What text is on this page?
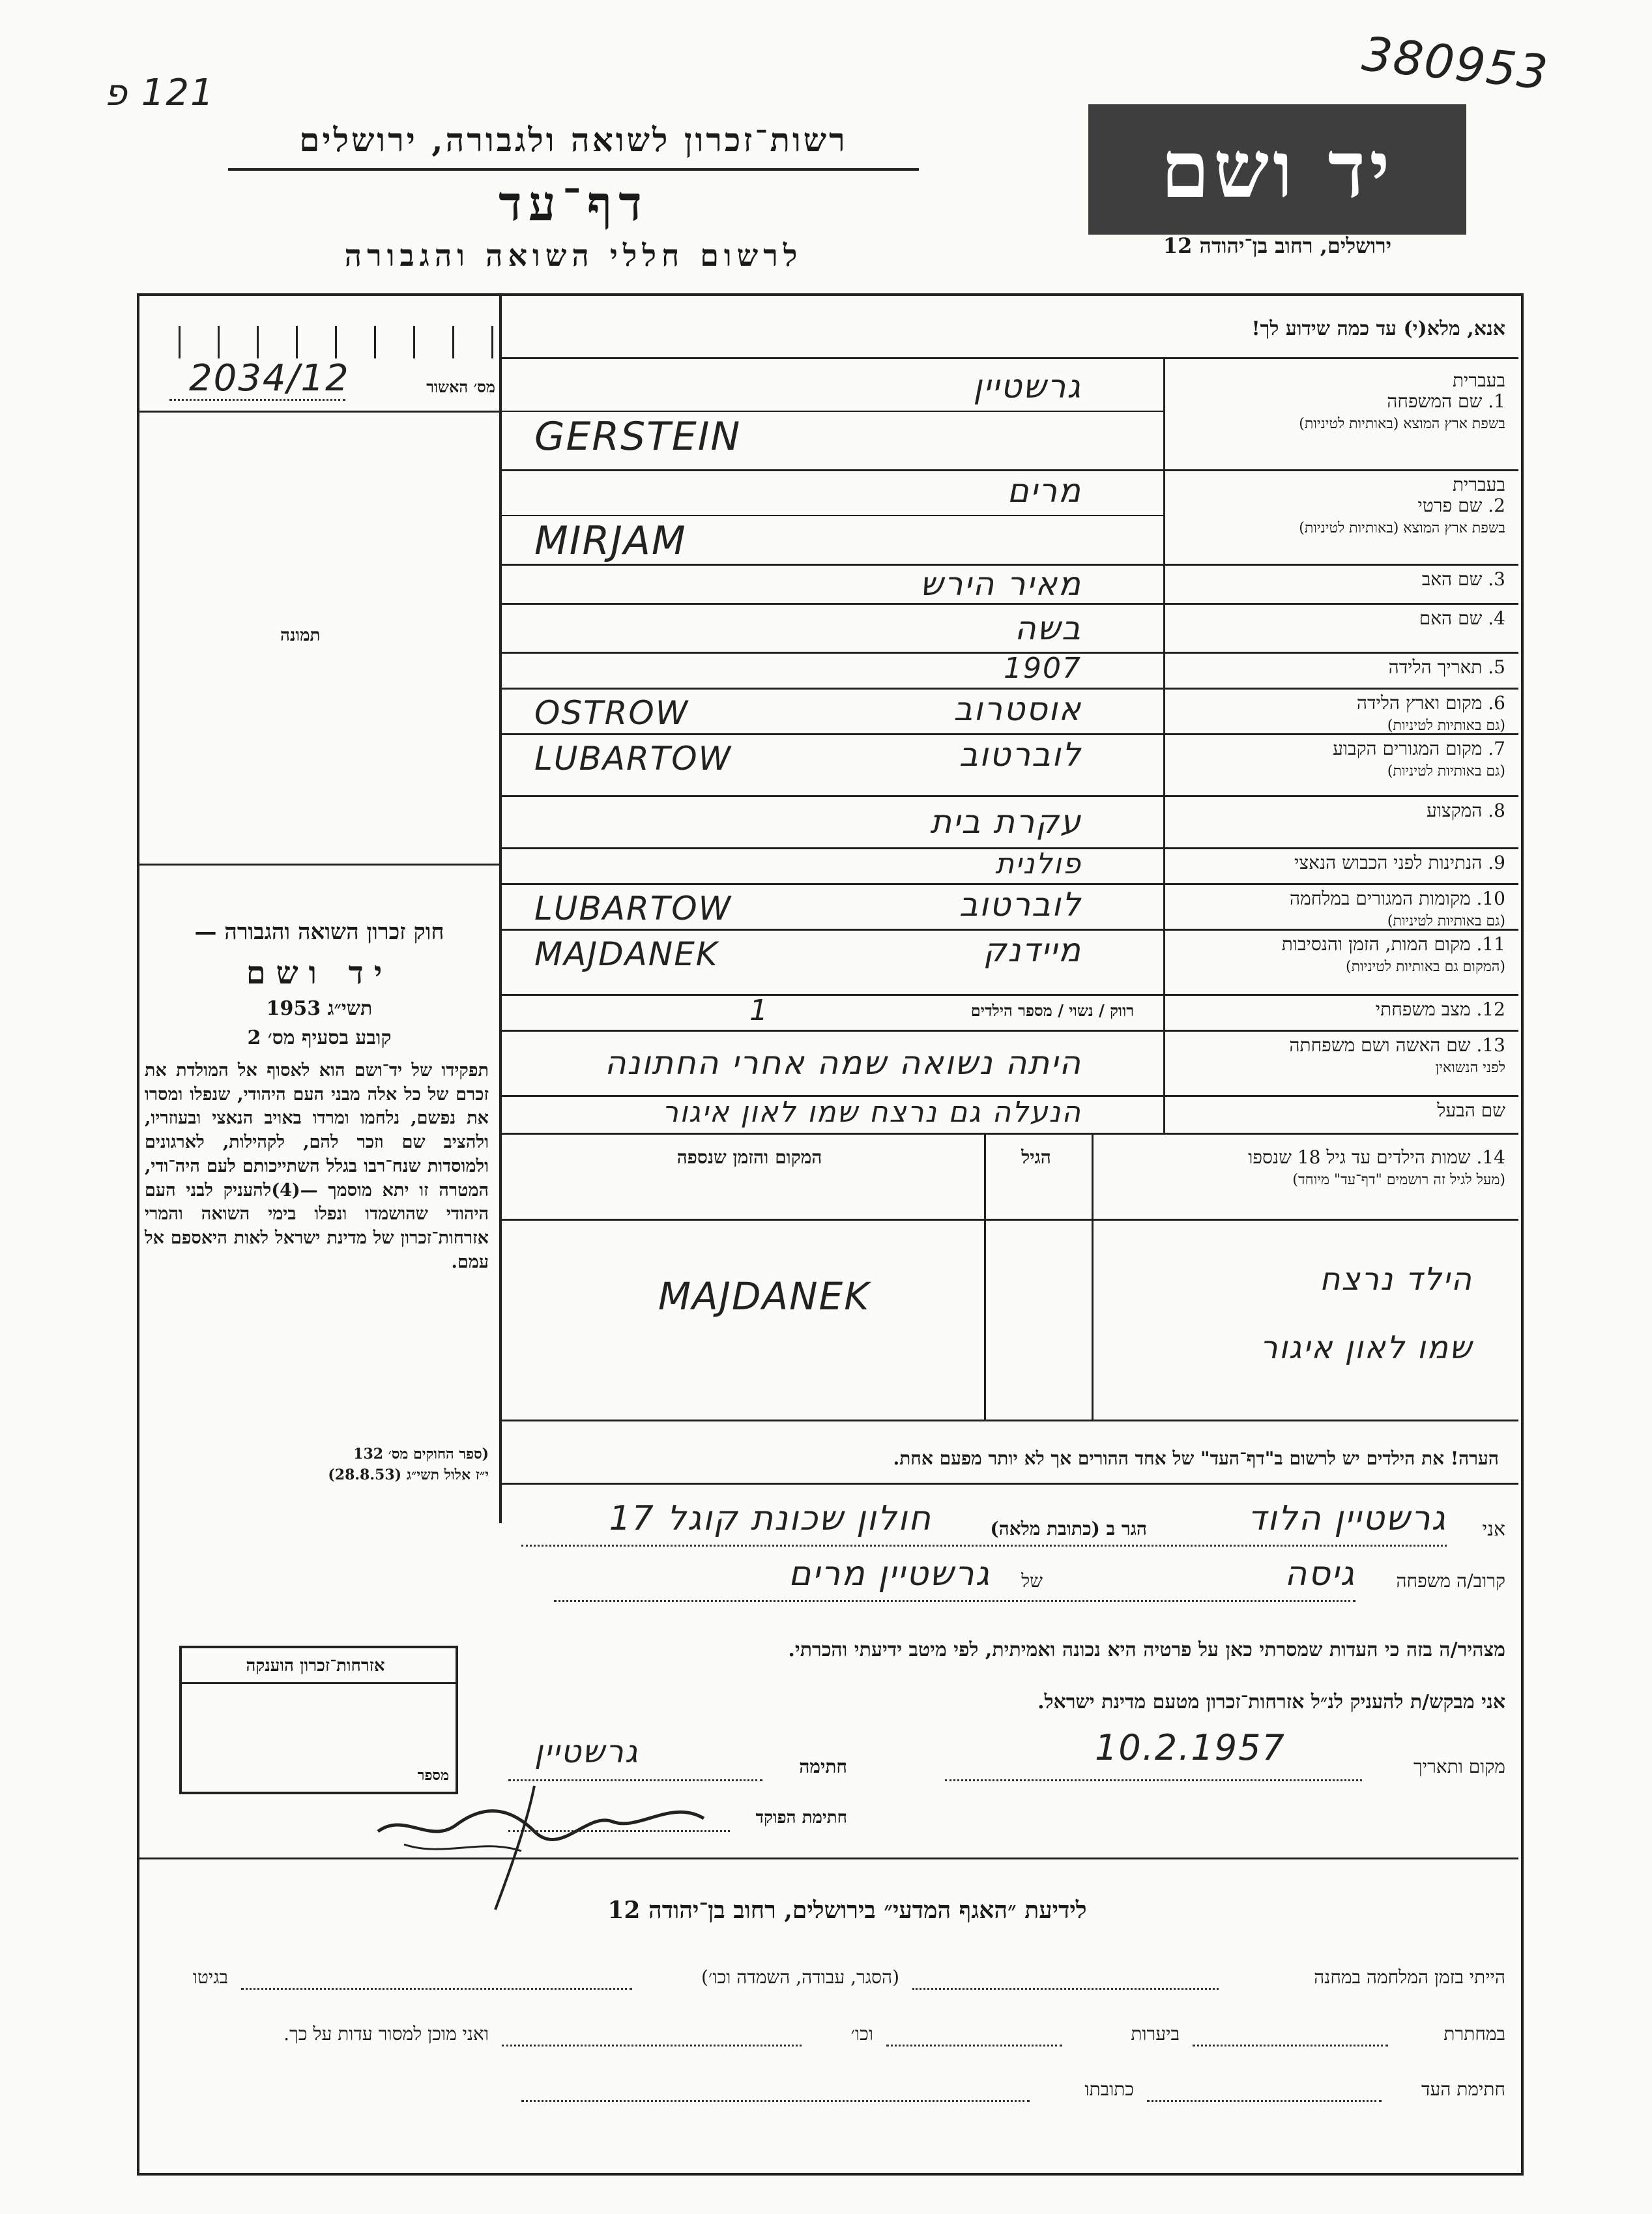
121 פ	380953
רשות־זכרון לשואה ולגבורה, ירושלים
דף־עד
לרשום חללי השואה והגבורה
יד ושם
ירושלים, רחוב בן־יהודה 12
אנא, מלא(י) עד כמה שידוע לך!
מס׳ האשור
2034/12
תמונה
בעברית
1. שם המשפחה
בשפת ארץ המוצא (באותיות לטיניות)
גרשטיין
GERSTEIN
בעברית
2. שם פרטי
בשפת ארץ המוצא (באותיות לטיניות)
מרים
MIRJAM
3. שם האב
מאיר הירש
4. שם האם
בשה
5. תאריך הלידה
1907
6. מקום וארץ הלידה
(גם באותיות לטיניות)
אוסטרוב
OSTROW
7. מקום המגורים הקבוע
(גם באותיות לטיניות)
לוברטוב
LUBARTOW
8. המקצוע
עקרת בית
9. הנתינות לפני הכבוש הנאצי
פולנית
10. מקומות המגורים במלחמה
(גם באותיות לטיניות)
לוברטוב
LUBARTOW
11. מקום המות, הזמן והנסיבות
(המקום גם באותיות לטיניות)
מיידנק
MAJDANEK
12. מצב משפחתי
1	רווק / נשוי / מספר הילדים
13. שם האשה ושם משפחתה
לפני הנשואין
היתה נשואה שמה אחרי החתונה
שם הבעל
הנעלה גם נרצח שמו לאון איגור
14. שמות הילדים עד גיל 18 שנספו
(מעל לגיל זה רושמים "דף־עד" מיוחד)
הגיל
המקום והזמן שנספה
הילד נרצח
שמו לאון איגור
MAJDANEK
הערה! את הילדים יש לרשום ב"דף־העד" של אחד ההורים אך לא יותר מפעם אחת.
חוק זכרון השואה והגבורה —
יד ושם
תשי״ג 1953
קובע בסעיף מס׳ 2
תפקידו של יד־ושם הוא לאסוף אל המולדת את זכרם של כל אלה מבני העם היהודי, שנפלו ומסרו את נפשם, נלחמו ומרדו באויב הנאצי ובעוזריו, ולהציב שם וזכר להם, לקהילות, לארגונים ולמוסדות שנח־רבו בגלל השתייכותם לעם היה־ודי, המטרה זו יתא מוסמך —(4)להעניק לבני העם היהודי שהושמדו ונפלו בימי השואה והמרי אזרחות־זכרון של מדינת ישראל לאות היאספם אל עמם.
(ספר החוקים מס׳ 132
י״ז אלול תשי״ג (28.8.53)
אני
גרשטיין הלוד
הגר ב (כתובת מלאה)
חולון שכונת קוגל 17
קרוב/ה משפחה
גיסה
של
גרשטיין מרים
מצהיר/ה בזה כי העדות שמסרתי כאן על פרטיה היא נכונה ואמיתית, לפי מיטב ידיעתי והכרתי.
אני מבקש/ת להעניק לנ״ל אזרחות־זכרון מטעם מדינת ישראל.
מקום ותאריך
10.2.1957
חתימה
גרשטיין
חתימת הפוקד
אזרחות־זכרון הוענקה
מספר
לידיעת ״האגף המדעי״ בירושלים, רחוב בן־יהודה 12
הייתי בזמן המלחמה במחנה
(הסגר, עבודה, השמדה וכו׳)
בגיטו
במחתרת
ביערות
וכו׳
ואני מוכן למסור עדות על כך.
חתימת העד
כתובתו
